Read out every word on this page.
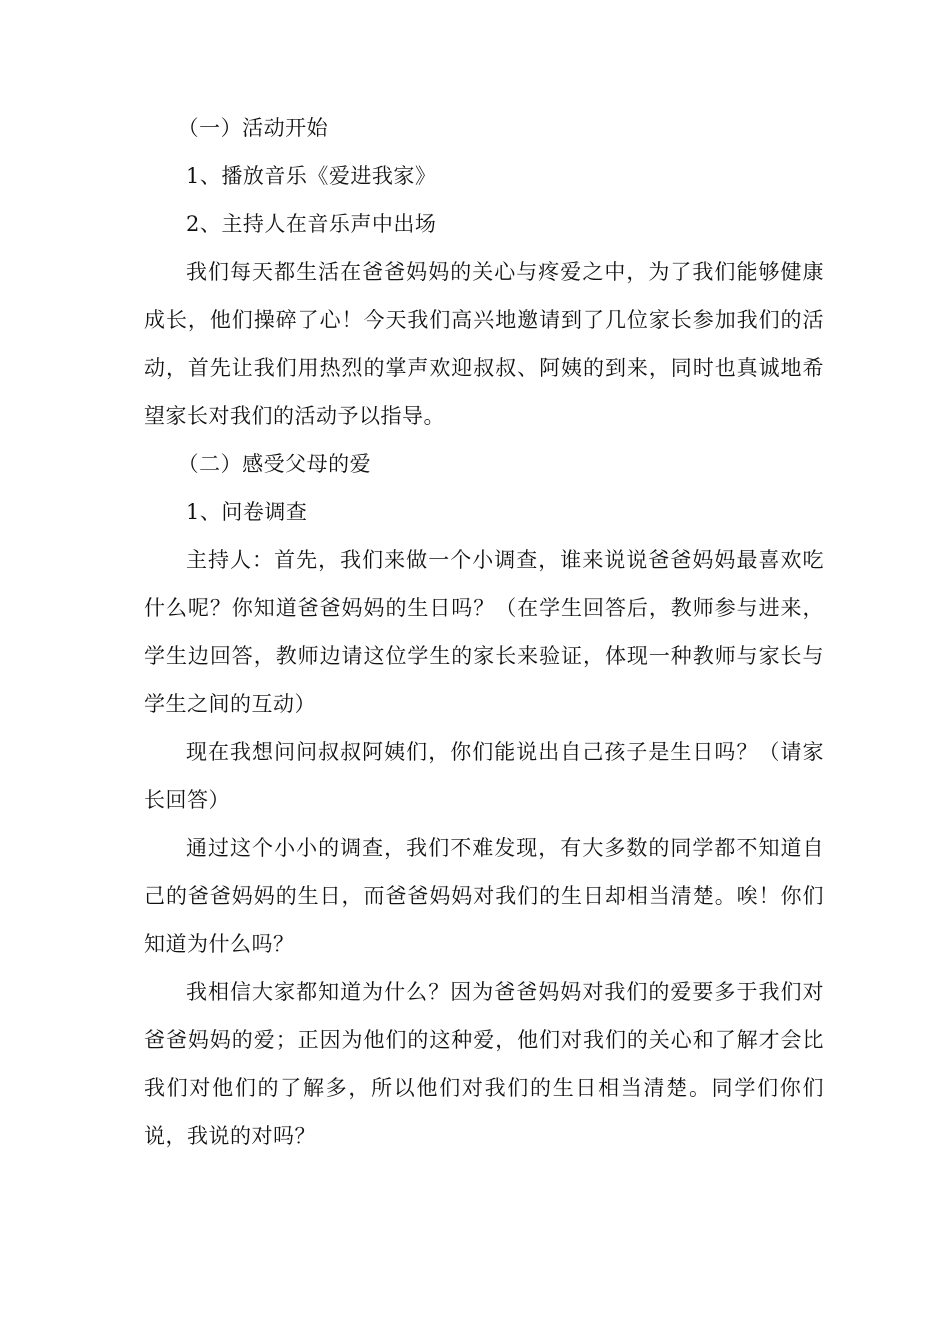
（一）活动开始

1、播放音乐《爱进我家》

2、主持人在音乐声中出场

我们每天都生活在爸爸妈妈的关心与疼爱之中，为了我们能够健康成长，他们操碎了心！今天我们高兴地邀请到了几位家长参加我们的活动，首先让我们用热烈的掌声欢迎叔叔、阿姨的到来，同时也真诚地希望家长对我们的活动予以指导。

（二）感受父母的爱

1、问卷调查

主持人：首先，我们来做一个小调查，谁来说说爸爸妈妈最喜欢吃什么呢？你知道爸爸妈妈的生日吗？（在学生回答后，教师参与进来，学生边回答，教师边请这位学生的家长来验证，体现一种教师与家长与学生之间的互动）

现在我想问问叔叔阿姨们，你们能说出自己孩子是生日吗？（请家长回答）

通过这个小小的调查，我们不难发现，有大多数的同学都不知道自己的爸爸妈妈的生日，而爸爸妈妈对我们的生日却相当清楚。唉！你们知道为什么吗？

我相信大家都知道为什么？因为爸爸妈妈对我们的爱要多于我们对爸爸妈妈的爱；正因为他们的这种爱，他们对我们的关心和了解才会比我们对他们的了解多，所以他们对我们的生日相当清楚。同学们你们说，我说的对吗？
